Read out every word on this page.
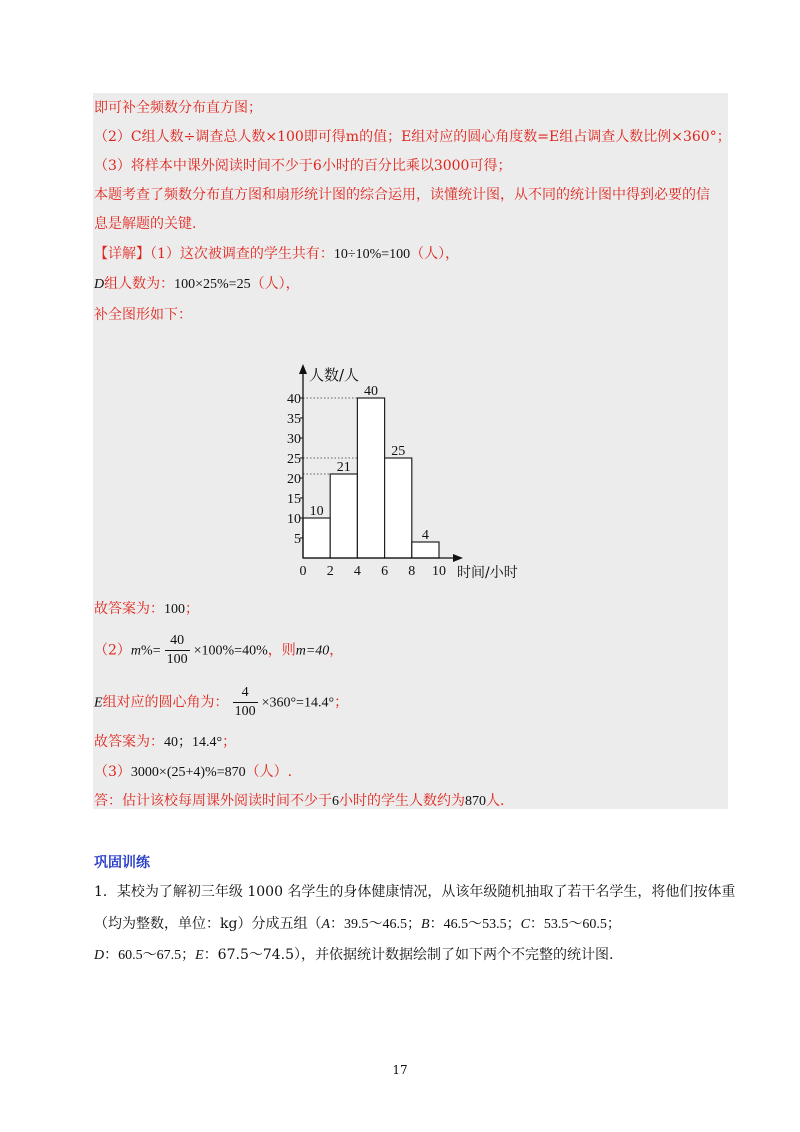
即可补全频数分布直方图；
（2）C组人数÷调查总人数×100即可得m的值；E组对应的圆心角度数=E组占调查人数比例×360°；
（3）将样本中课外阅读时间不少于6小时的百分比乘以3000可得；
本题考查了频数分布直方图和扇形统计图的综合运用，读懂统计图，从不同的统计图中得到必要的信
息是解题的关键.
【详解】（1）这次被调查的学生共有：10÷10%=100（人），
D组人数为：100×25%=25（人），
补全图形如下：
10
21
40
25
4
5
10
15
20
25
30
35
40
0 2 4 6 8 10
人数/人
时间/小时
故答案为：100；
$(2)m\%= \frac{40}{100} \times 100\%=40\%$，则m=40，
E组对应的圆心角为： $\frac{4}{100} \times 360^\circ=14.4^\circ$；
故答案为：40；14.4°；
（3）3000×(25+4)%=870（人）.
答：估计该校每周课外阅读时间不少于6小时的学生人数约为870人.
巩固训练
1．某校为了解初三年级 1000 名学生的身体健康情况，从该年级随机抽取了若干名学生，将他们按体重
（均为整数，单位：kg）分成五组（A：39.5～46.5；B：46.5～53.5；C：53.5～60.5；
D：60.5～67.5；E：67.5～74.5），并依据统计数据绘制了如下两个不完整的统计图.
17
